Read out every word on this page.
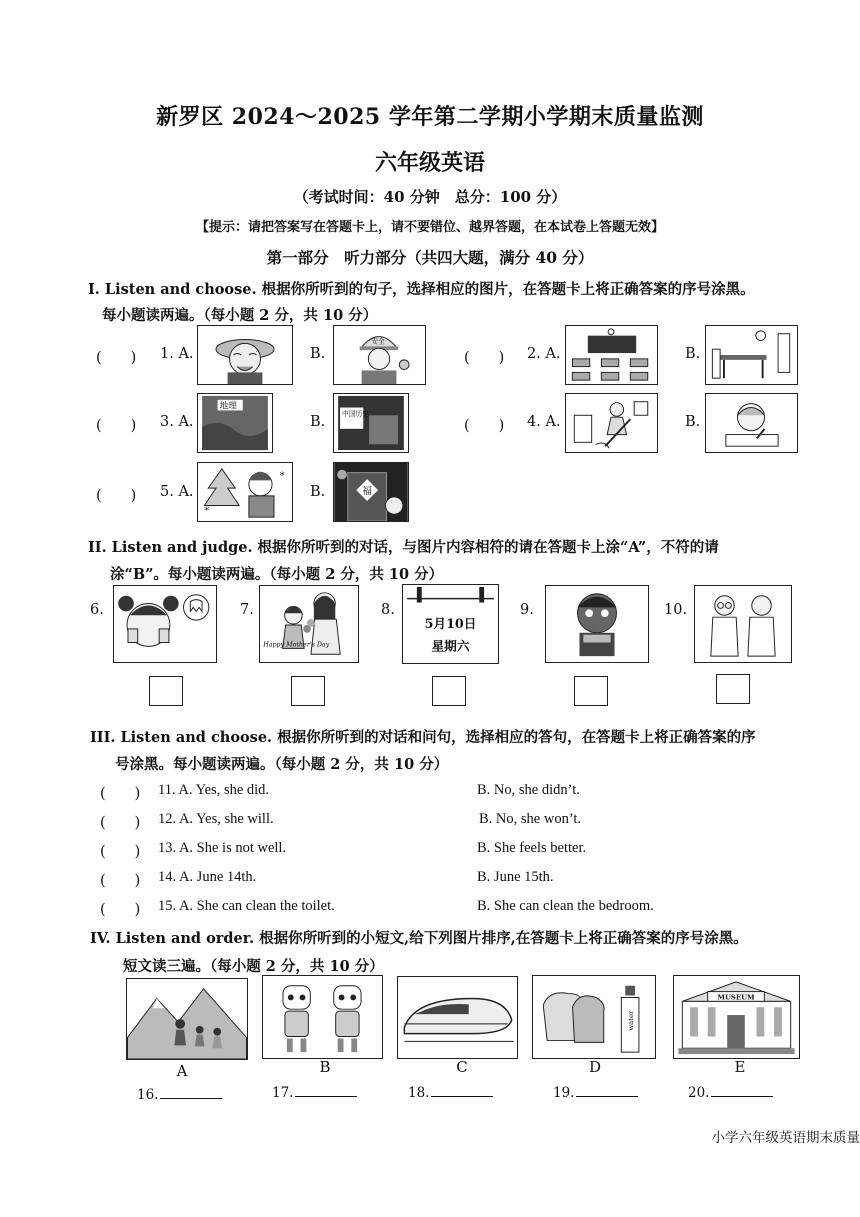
新罗区 2024～2025 学年第二学期小学期末质量监测
六年级英语
（考试时间：40 分钟　总分：100 分）
【提示：请把答案写在答题卡上，请不要错位、越界答题，在本试卷上答题无效】
第一部分　听力部分（共四大题，满分 40 分）
I. Listen and choose. 根据你所听到的句子，选择相应的图片，在答题卡上将正确答案的序号涂黑。
每小题读两遍。（每小题 2 分，共 10 分）
(　　) 1. A.	B.
安全
(　　) 2. A.	B.
(　　) 3. A.
地理
B. 中国历史
(　　) 4. A.	B.
(　　) 5. A.
*
*
B.	福
II. Listen and judge. 根据你所听到的对话，与图片内容相符的请在答题卡上涂“A”，不符的请
涂“B”。每小题读两遍。（每小题 2 分，共 10 分）
6.	7.
Happy Mother's Day
8.
5月10日
星期六
9.	10.
III. Listen and choose. 根据你所听到的对话和问句，选择相应的答句，在答题卡上将正确答案的序
号涂黑。每小题读两遍。（每小题 2 分，共 10 分）
(　　) 11. A. Yes, she did.	B. No, she didn’t.
(　　) 12. A. Yes, she will.	B. No, she won’t.
(　　) 13. A. She is not well.	B. She feels better.
(　　) 14. A. June 14th.	B. June 15th.
(　　) 15. A. She can clean the toilet.	B. She can clean the bedroom.
IV. Listen and order. 根据你所听到的小短文,给下列图片排序,在答题卡上将正确答案的序号涂黑。
短文读三遍。（每小题 2 分，共 10 分）
water
MUSEUM
A	B	C	D	E
16.	17.	18.	19.	20.
小学六年级英语期末质量
